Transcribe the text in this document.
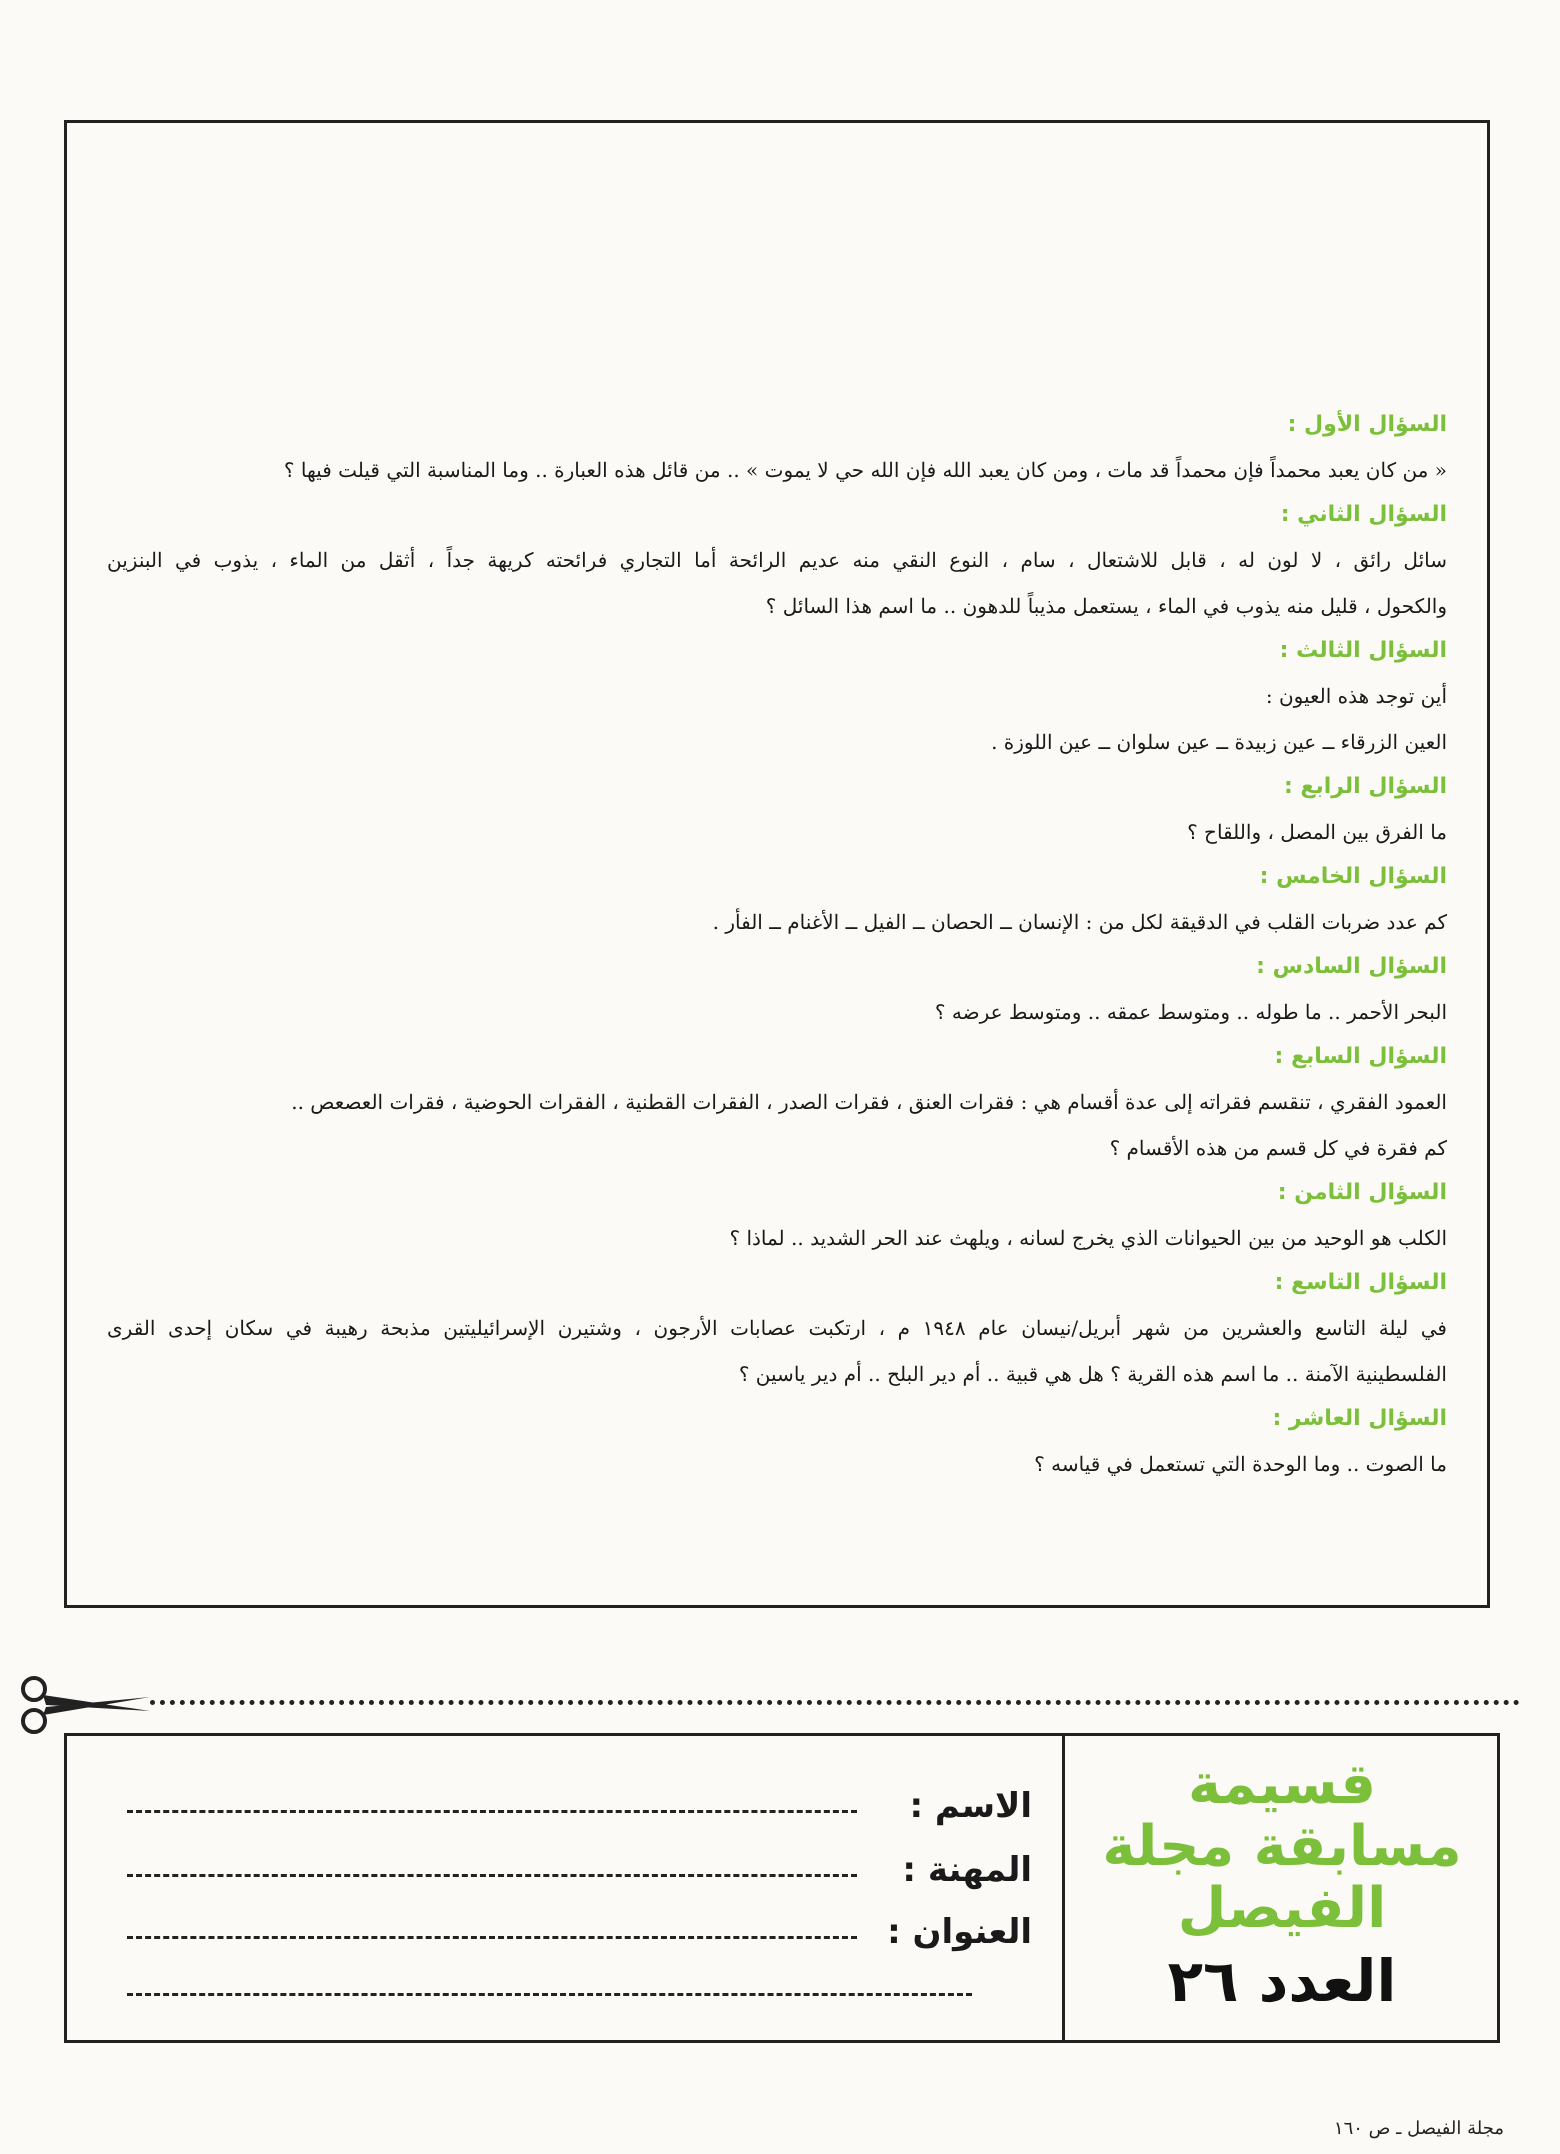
السؤال الأول :

« من كان يعبد محمداً فإن محمداً قد مات ، ومن كان يعبد الله فإن الله حي لا يموت » .. من قائل هذه العبارة .. وما المناسبة التي قيلت فيها ؟

السؤال الثاني :

سائل رائق ، لا لون له ، قابل للاشتعال ، سام ، النوع النقي منه عديم الرائحة أما التجاري فرائحته كريهة جداً ، أثقل من الماء ، يذوب في البنزين

والكحول ، قليل منه يذوب في الماء ، يستعمل مذيباً للدهون .. ما اسم هذا السائل ؟

السؤال الثالث :

أين توجد هذه العيون :

العين الزرقاء ــ عين زبيدة ــ عين سلوان ــ عين اللوزة .

السؤال الرابع :

ما الفرق بين المصل ، واللقاح ؟

السؤال الخامس :

كم عدد ضربات القلب في الدقيقة لكل من : الإنسان ــ الحصان ــ الفيل ــ الأغنام ــ الفأر .

السؤال السادس :

البحر الأحمر .. ما طوله .. ومتوسط عمقه .. ومتوسط عرضه ؟

السؤال السابع :

العمود الفقري ، تنقسم فقراته إلى عدة أقسام هي : فقرات العنق ، فقرات الصدر ، الفقرات القطنية ، الفقرات الحوضية ، فقرات العصعص ..

كم فقرة في كل قسم من هذه الأقسام ؟

السؤال الثامن :

الكلب هو الوحيد من بين الحيوانات الذي يخرج لسانه ، ويلهث عند الحر الشديد .. لماذا ؟

السؤال التاسع :

في ليلة التاسع والعشرين من شهر أبريل/نيسان عام ١٩٤٨ م ، ارتكبت عصابات الأرجون ، وشتيرن الإسرائيليتين مذبحة رهيبة في سكان إحدى القرى

الفلسطينية الآمنة .. ما اسم هذه القرية ؟ هل هي قبية .. أم دير البلح .. أم دير ياسين ؟

السؤال العاشر :

ما الصوت .. وما الوحدة التي تستعمل في قياسه ؟

قسيمة

مسابقة مجلة

الفيصل

العدد ٢٦

الاسم :
المهنة :
العنوان :
مجلة الفيصل ـ ص ١٦٠
